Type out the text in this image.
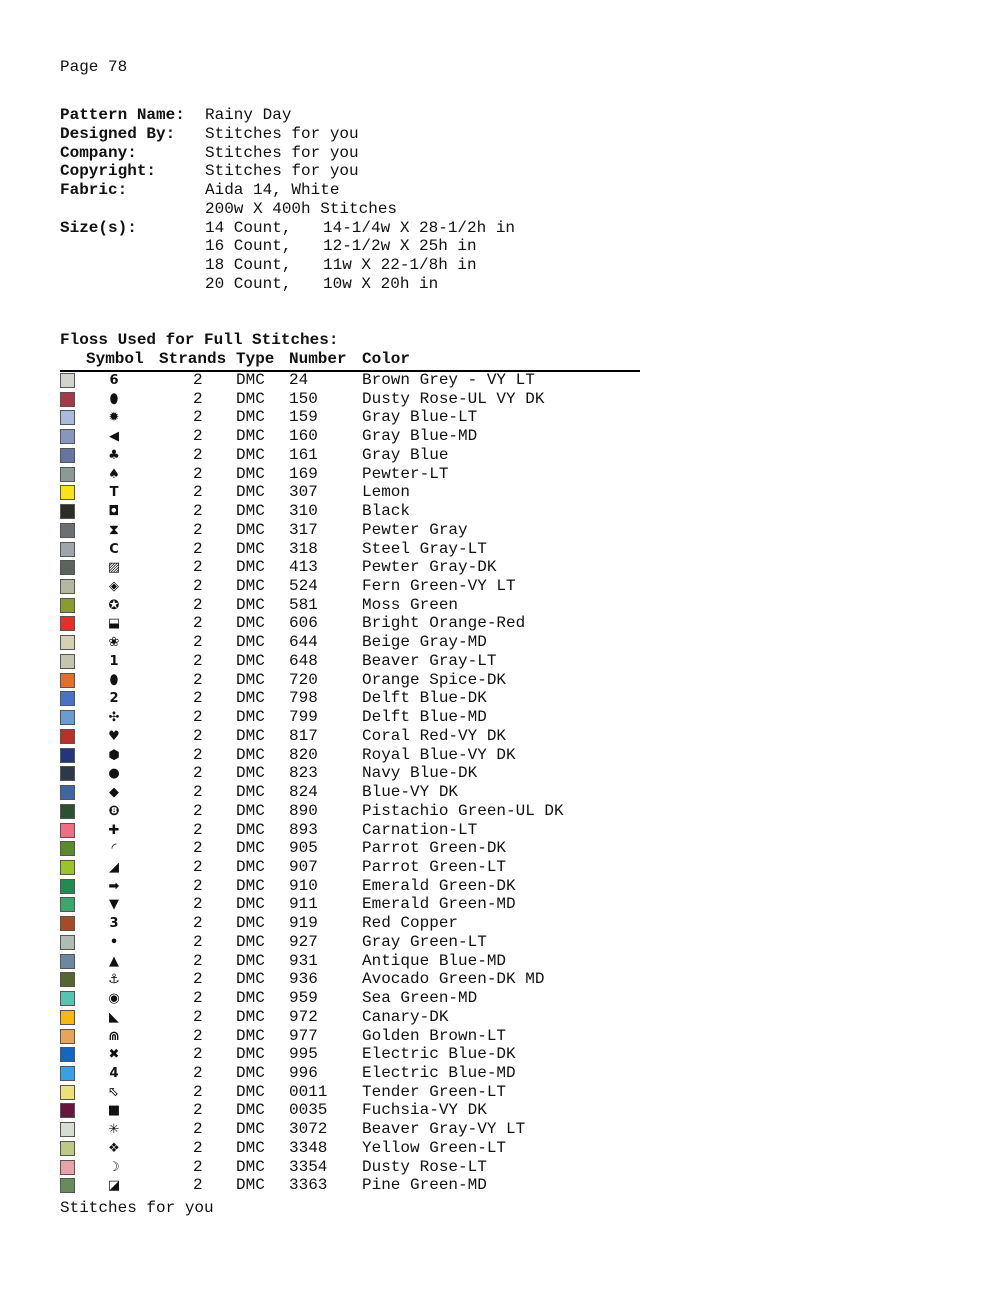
Page 78
Pattern Name: Rainy Day
Designed By: Stitches for you
Company:	Stitches for you
Copyright:	Stitches for you
Fabric:	Aida 14, White
200w X 400h Stitches
Size(s):	14 Count, 14-1/4w X 28-1/2h in
16 Count, 12-1/2w X 25h in
18 Count, 11w X 22-1/8h in
20 Count, 10w X 20h in
Floss Used for Full Stitches:
Symbol Strands Type Number Color
6	2 DMC 24	Brown Grey - VY LT
⬮	2 DMC 150	Dusty Rose-UL VY DK
✹	2 DMC 159	Gray Blue-LT
◀	2 DMC 160	Gray Blue-MD
♣	2 DMC 161	Gray Blue
♠	2 DMC 169	Pewter-LT
T	2 DMC 307	Lemon
◘	2 DMC 310	Black
⧗	2 DMC 317	Pewter Gray
C	2 DMC 318	Steel Gray-LT
▨	2 DMC 413	Pewter Gray-DK
◈	2 DMC 524	Fern Green-VY LT
✪	2 DMC 581	Moss Green
⬓	2 DMC 606	Bright Orange-Red
❀	2 DMC 644	Beige Gray-MD
1	2 DMC 648	Beaver Gray-LT
⬮	2 DMC 720	Orange Spice-DK
2	2 DMC 798	Delft Blue-DK
✣	2 DMC 799	Delft Blue-MD
♥	2 DMC 817	Coral Red-VY DK
⬢	2 DMC 820	Royal Blue-VY DK
●	2 DMC 823	Navy Blue-DK
◆	2 DMC 824	Blue-VY DK
❽	2 DMC 890	Pistachio Green-UL DK
✚	2 DMC 893	Carnation-LT
◜	2 DMC 905	Parrot Green-DK
◢	2 DMC 907	Parrot Green-LT
➡	2 DMC 910	Emerald Green-DK
▼	2 DMC 911	Emerald Green-MD
3	2 DMC 919	Red Copper
•	2 DMC 927	Gray Green-LT
▲	2 DMC 931	Antique Blue-MD
⚓	2 DMC 936	Avocado Green-DK MD
◉	2 DMC 959	Sea Green-MD
◣	2 DMC 972	Canary-DK
⋒	2 DMC 977	Golden Brown-LT
✖	2 DMC 995	Electric Blue-DK
4	2 DMC 996	Electric Blue-MD
⬁	2 DMC 0011 Tender Green-LT
■	2 DMC 0035 Fuchsia-VY DK
✳	2 DMC 3072 Beaver Gray-VY LT
❖	2 DMC 3348 Yellow Green-LT
☽	2 DMC 3354 Dusty Rose-LT
◪	2 DMC 3363 Pine Green-MD
Stitches for you
